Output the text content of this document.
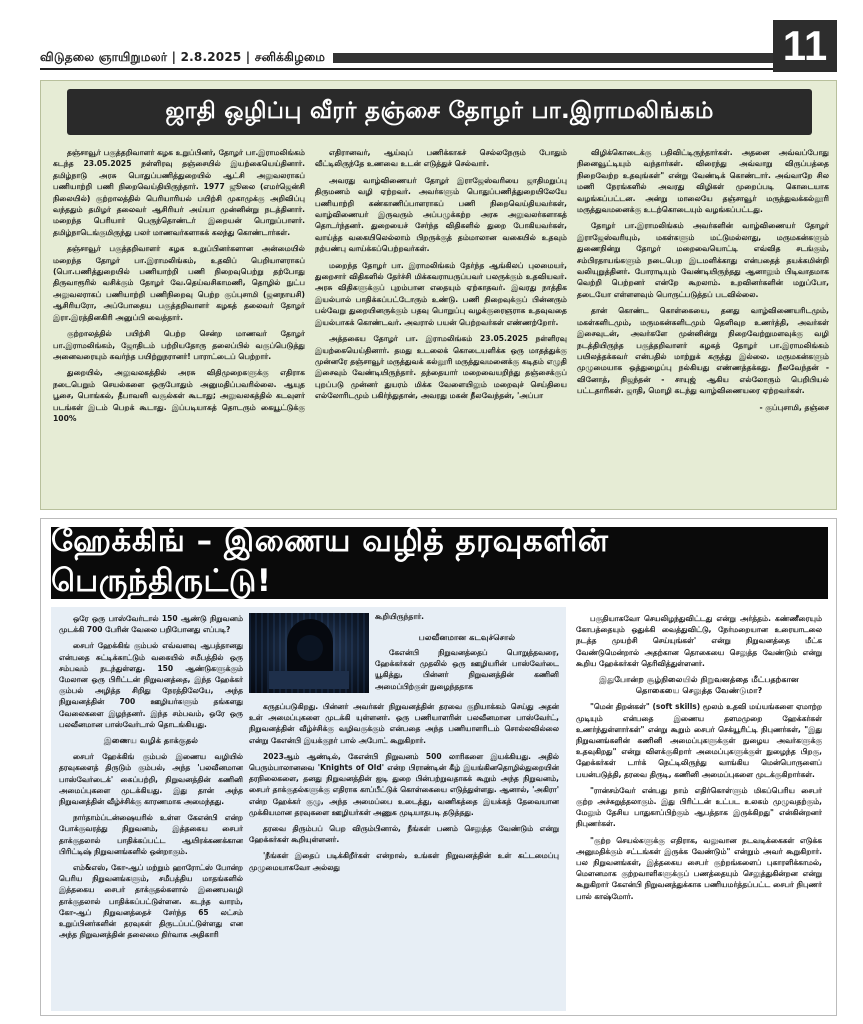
விடுதலை ஞாயிறுமலர் | 2.8.2025 | சனிக்கிழமை	11
ஜாதி ஒழிப்பு வீரர் தஞ்சை தோழர் பா.இராமலிங்கம்

தஞ்சாவூர் பகுத்தறிவாளர் கழக உறுப்பினர், தோழர் பா.இராமலிங்கம் கடந்த 23.05.2025 நள்ளிரவு தஞ்சையில் இயற்கையெய்தினார். தமிழ்நாடு அரசு பொதுப்பணித்துறையில் ஆட்சி அலுவலராகப் பணியாற்றி பணி நிறைவெய்தியிருந்தார். 1977 ஜூலை (எமர்ஜென்சி நிலையில்) குற்றாலத்தில் பெரியாரியல் பயிற்சி முகாமுக்கு அறிவிப்பு வந்ததும் தமிழர் தலைவர் ஆசிரியர் அய்யா முன்னின்று நடத்தினார். மறைந்த பெரியார் பெருந்தொண்டர் இறையன் பொறுப்பாளர். தமிழ்நாடெங்குமிருந்து பலர் மாணவர்களாகக் கலந்து கொண்டார்கள்.

தஞ்சாவூர் பகுத்தறிவாளர் கழக உறுப்பினர்களான அன்மையில் மறைந்த தோழர் பா.இராமலிங்கம், உதவிப் பெறியாளராகப் (பொ.பணித்துறையில் பணியாற்றி பணி நிறைவுபெற்று தற்போது திருவாரூரில் வசிக்கும் தோழர் வே.தெய்வசிகாமணி, தொழில் நுட்ப அலுவலராகப் பணியாற்றி பணிநிறைவு பெற்ற குப்புசாமி (ஜனநாயசி) ஆசிரியரோ, அப்போதைய பகுத்தறிவாளர் கழகத் தலைவர் தோழர் இரா.இரத்தினகிரி அனுப்பி வைத்தார்.

குற்றாலத்தில் பயிற்சி பெற்ற சென்ற மாணவர் தோழர் பா.இராமலிங்கம், ஜோதிடம் பற்றியதோரு தலைப்பில் வகுப்பெடுத்து அனைவரையும் கவர்ந்த பயிற்றுநரானர்! பாராட்டைப் பெற்றார்.

துறையில், அலுவலகத்தில் அரசு விதிமுறைகளுக்கு எதிராக நடைபெறும் செயல்களை ஒருபோதும் அனுமதிப்பவரில்லை. ஆயுத பூசை, பொங்கல், தீபாவளி வசூல்கள் கூடாது; அலுவலகத்தில் கடவுளர் படங்கள் இடம் பெறக் கூடாது. இப்படியாகத் தொடரும் கையூட்டுக்கு 100%

எதிரானவர், ஆய்வுப் பணிக்காகச் செல்லநேரும் போதும் வீட்டிலிருந்தே உணவை உடன் எடுத்துச் செல்வார்.

அவரது வாழ்விணையர் தோழர் இராஜேஸ்வரியை ஜாதிமறுப்பு திருமணம் வழி ஏற்றவர். அவர்களும் பொதுப்பணித்துறையிலேயே பணியாற்றி கண்காணிப்பாளராகப் பணி நிறைவெய்தியவர்கள், வாழ்விணையர் இருவரும் அப்பழுக்கற்ற அரசு அலுவலர்களாகத் தொடர்ந்தனர். துறையைச் சேர்ந்த விதிகளில் துறை போகியவர்கள், வாய்த்த வகையிலெல்லாம் பிறருக்குத் தம்மாலான வகையில் உதவும் நற்பண்பு வாய்க்கப்பெற்றவர்கள்.

மறைந்த தோழர் பா. இராமலிங்கம் தேர்ந்த ஆங்கிலப் புலமையர், துறைசார் விதிகளில் தேர்ச்சி மிக்கவராயருப்பவர் பலருக்கும் உதவியவர். அரசு விதிகளுக்குப் புறம்பான எதையும் ஏற்காதவர். இவரது நாத்திக இயல்பால் பாதிக்கப்பட்டோரும் உண்டு. பணி நிறைவுக்குப் பின்னரும் பல்வேறு துறையினருக்கும் பதவு பொறுப்பு வழக்குரைஞராக உதவுவதை இயல்பாகக் கொண்டவர். அவரால் பயன் பெற்றவர்கள் எண்ணற்றோர்.

அத்தகைய தோழர் பா. இராமலிங்கம் 23.05.2025 நள்ளிரவு இயற்கையெய்தினார். தமது உடலைக் கொடையளிக்க ஒரு மாதத்துக்கு முன்னரே தஞ்சாவூர் மருத்துவக் கல்லூரி மருத்துவமனைக்கு கடிதம் எழுதி இசைவும் வேண்டியிருந்தார். தந்தையார் மறைவையறிந்து தஞ்சைக்குப் புறப்படு முன்னர் துயரம் மிக்க வேளையிலும் மறைவுச் செய்தியை எல்லோரிடமும் பகிர்ந்துதான், அவரது மகன் நீலவேந்தன், 'அப்பா

விழிக்கொடைக்கு பதிவிட்டிருந்தார்கள். அதனை அவ்வப்போது நினைவூட்டியும் வந்தார்கள். விரைந்து அவ்வாறு விருப்பத்தை நிறைவேற்ற உதவுங்கள்" என்று வேண்டிக் கொண்டார். அவ்வாறே சில மணி நேரங்களில் அவரது விழிகள் முறைப்படி கொடையாக வழங்கப்பட்டன. அன்று மாலையே தஞ்சாவூர் மருத்துவக்கல்லூரி மருத்துவமனைக்கு உடற்கொடையும் வழங்கப்பட்டது.

தோழர் பா.இராமலிங்கம் அவர்களின் வாழ்விணையர் தோழர் இராஜேஸ்வரியும், மகள்களும் மட்டுமல்லாது, மருமகன்களும் துணைநின்று தோழர் மறைவையொட்டி எவ்வித சடங்கும், சம்பிரதாயங்களும் நடைபெற இடமளிக்காது என்பதைத் தயக்கமின்றி வலியுறுத்தினர். போராடியும் வேண்டியிருந்தது ஆனாலும் பிடிவாதமாக வெற்றி பெற்றனர் என்றே கூறலாம். உறவினர்களின் மறுப்போ, தடையோ எள்ளளவும் பொருட்படுத்தப் படவில்லை.

தான் கொண்ட கொள்கையை, தனது வாழ்விணையரிடமும், மகள்களிடமும், மருமகன்களிடமும் தெளிவுற உணர்த்தி, அவர்கள் இசைவுடன், அவர்களே முன்னின்று நிறைவேற்றுமளவுக்கு வழி நடத்தியிருந்த பகுத்தறிவாளர் கழகத் தோழர் பா.இராமலிங்கம் பயிலத்தக்கவர் என்பதில் மாற்றுக் கருத்து இல்லை. மருமகன்களும் முழுமையாக ஒத்துழைப்பு நல்கியது எண்ணத்தக்கது. நீலவேந்தன் - வினோத், நிஜந்தன் - சாயுஜ் ஆகிய எல்லோரும் பெறிபியல் பட்டதாரிகள். ஜாதி, மொழி கடந்து வாழ்விணையரை ஏற்றவர்கள்.

- குப்புசாமி, தஞ்சை

ஹேக்கிங் – இணைய வழித் தரவுகளின் பெருந்திருட்டு!

ஒரே ஒரு பாஸ்வேர்டால் 150 ஆண்டு நிறுவனம் முடக்கி 700 பேரின் வேலை பறிபோனது எப்படி?

சைபர் ஹேக்கிங் கும்பல் எவ்வளவு ஆபத்தானது என்பதை சுட்டிக்காட்டும் வகையில் சமீபத்தில் ஒரு சம்பவம் நடந்துள்ளது. 150 ஆண்டுகளுக்கும் மேலான ஒரு பிரிட்டன் நிறுவனத்தை, இந்த ஹேக்கர் கும்பல் அழித்த சிறிது நேரத்திலேயே, அந்த நிறுவனத்தின் 700 ஊழியர்களும் தங்களது வேலைகளை இழந்தனர். இந்த சம்பவம், ஒரே ஒரு பலவீனமான பாஸ்வேர்டால் தொடங்கியது.

இணைய வழிக் தாக்குதல்

சைபர் ஹேக்கிங் கும்பல் இணைய வழியில் தரவுகளைத் திருடும் கும்பல், அந்த 'பலவீனமான பாஸ்வேர்டைக்' கைப்பற்றி, நிறுவனத்தின் கணினி அமைப்புகளை முடக்கியது. இது தான் அந்த நிறுவனத்தின் வீழ்ச்சிக்கு காரணமாக அமைந்தது.

நார்தாம்ப்டன்ஷையரில் உள்ள கேஎன்பி என்ற போக்குவரத்து நிறுவனம், இத்தகைய சைபர் தாக்குதலால் பாதிக்கப்பட்ட ஆயிரக்கணக்கான பிரிட்டிஷ் நிறுவனங்களில் ஒன்றாகும்.

எம்&எஸ், கோ-ஆப் மற்றும் ஹாரோட்ஸ் போன்ற பெரிய நிறுவனங்களும், சமீபத்திய மாதங்களில் இத்தகைய சைபர் தாக்குதல்களால் இணையவழி தாக்குதலால் பாதிக்கப்பட்டுள்ளன. கடந்த வாரம், கோ-ஆப் நிறுவனத்தைச் சேர்ந்த 65 லட்சம் உறுப்பினர்களின் தரவுகள் திருடப்பட்டுள்ளது என அந்த நிறுவனத்தின் தலைமை நிர்வாக அதிகாரி

கூறியிருந்தார்.

பலவீனமான கடவுச்சொல்

கேஎன்பி நிறுவனத்தைப் பொறுத்தவரை, ஹேக்கர்கள் முதலில் ஒரு ஊழியரின் பாஸ்வேர்டை யூகித்து, பின்னர் நிறுவனத்தின் கணினி அமைப்பிற்குள் நுழைந்ததாக

கருதப்படுகிறது. பின்னர் அவர்கள் நிறுவனத்தின் தரவை குறியாக்கம் செய்து அதன் உள் அமைப்புகளை முடக்கி யுள்ளனர். ஒரு பணியாளரின் பலவீனமான பாஸ்வேர்ட், நிறுவனத்தின் வீழ்ச்சிக்கு வழிவகுக்கும் என்பதை அந்த பணியாளரிடம் சொல்லவில்லை என்று கேஎன்பி இயக்குநர் பால் அபோட் கூறுகிறார்.

2023ஆம் ஆண்டில், கேஎன்பி நிறுவனம் 500 லாரிகளை இயக்கியது. அதில் பெரும்பாலானவை 'Knights of Old' என்ற பிராண்டின் கீழ் இயங்கினதொழில்துறையின் தரநிலைகளை, தனது நிறுவனத்தின் ஐடி துறை பின்பற்றுவதாகக் கூறும் அந்த நிறுவனம், சைபர் தாக்குதல்களுக்கு எதிராக காப்பீட்டுக் கொள்கையை எடுத்துள்ளது. ஆனால், 'அகிரா' என்ற ஹேக்கர் குழு, அந்த அமைப்பை உடைத்து, வணிகத்தை இயக்கத் தேவையான முக்கியமான தரவுகளை ஊழியர்கள் அணுக முடியாதபடி தடுத்தது.

தரவை திரும்பப் பெற விரும்பினால், நீங்கள் பணம் செலுத்த வேண்டும் என்று ஹேக்கர்கள் கூறியுள்ளனர்.

'நீங்கள் இதைப் படிக்கிறீர்கள் என்றால், உங்கள் நிறுவனத்தின் உள் கட்டமைப்பு முழுமையாகவோ அல்லது

பகுதியாகவோ செயலிழந்துவிட்டது என்று அர்த்தம். கண்ணீரையும் கோபத்தையும் ஒதுக்கி வைத்துவிட்டு, நேர்மறையான உரையாடலை நடத்த முயற்சி செய்யுங்கள்' என்று நிறுவனத்தை மீட்க வேண்டுமென்றால் அதற்கான தொகையை செலுத்த வேண்டும் என்று கூறிய ஹேக்கர்கள் தெரிவித்துள்ளனர்.

இதுபோன்ற சூழ்நிலையில் நிறுவனத்தை மீட்பதற்கான தொகையை செலுத்த வேண்டுமா?

"மென் திறன்கள்" (soft skills) மூலம் உதவி மய்யங்களை ஏமாற்ற முடியும் என்பதை இணைய தளமமுறை ஹேக்கர்கள் உணர்ந்துள்ளார்கள்" என்று கூறும் சைபர் செக்யூரிட்டி நிபுணர்கள், "இது நிறுவனங்களின் கணினி அமைப்புகளுக்குள் நுழைய அவர்களுக்கு உதவுகிறது" என்று விளக்குகிறார் அமைப்புகளுக்குள் நுழைந்த பிறகு, ஹேக்கர்கள் டார்க் நெட்டிலிருந்து வாங்கிய மென்பொருளைப் பயன்படுத்தி, தரவை திருடி, கணினி அமைப்புகளை முடக்குகிறார்கள்.

"ரான்சம்வேர் என்பது நாம் எதிர்கொள்ளும் மிகப்பெரிய சைபர் குற்ற அச்சுறுத்தலாகும். இது பிரிட்டன் உட்பட உலகம் முழுவதற்கும், மேலும் தேசிய பாதுகாப்பிற்கும் ஆபத்தாக இருக்கிறது" என்கின்றனர் நிபுணர்கள்.

"குற்ற செயல்களுக்கு எதிராக, வலுவான நடவடிக்கைகள் எடுக்க அனுமதிக்கும் சட்டங்கள் இருக்க வேண்டும்" என்றும் அவர் கூறுகிறார். பல நிறுவனங்கள், இத்தகைய சைபர் குற்றங்களைப் புகாரளிக்காமல், மௌனமாக குற்றவாளிகளுக்குப் பணத்தையும் செலுத்துகின்றன என்று கூறுகிறார் கேஎன்பி நிறுவனத்துக்காக பணியமர்த்தப்பட்ட சைபர் நிபுணர் பால் காஷ்மோர்.
